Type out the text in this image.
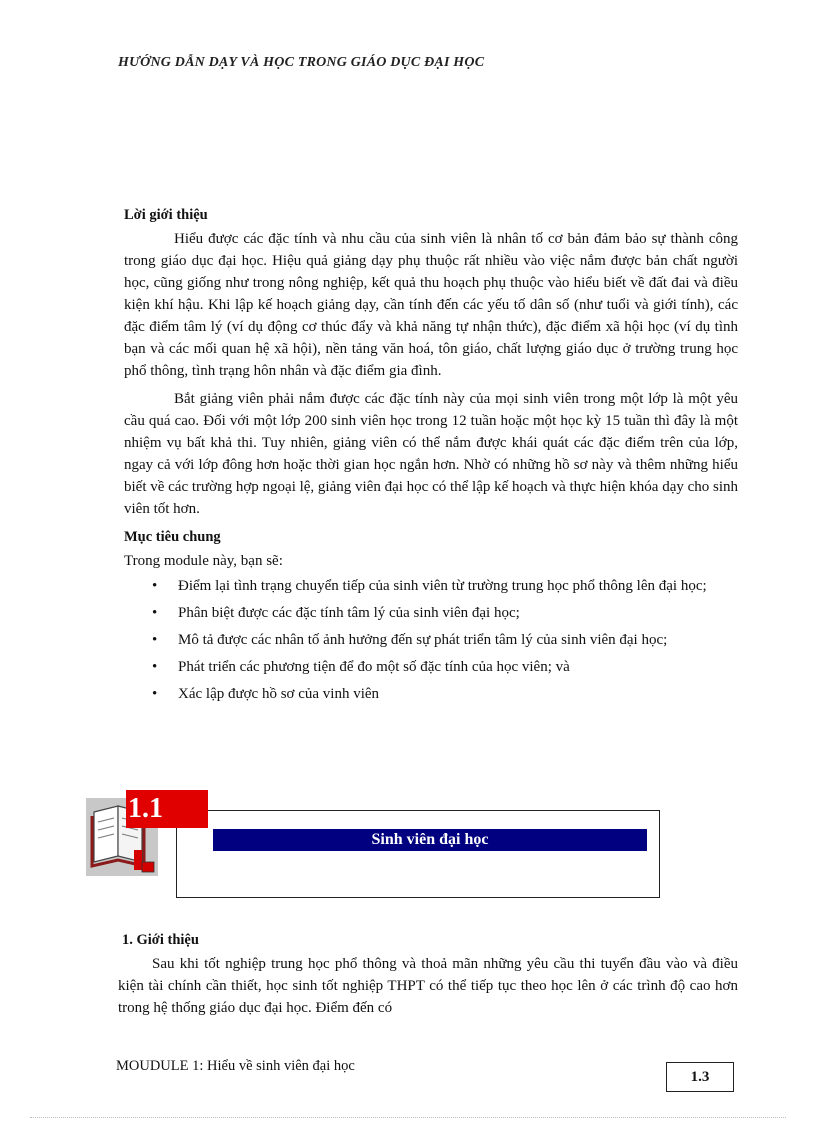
HƯỚNG DẪN DẠY VÀ HỌC TRONG GIÁO DỤC ĐẠI HỌC

Lời giới thiệu

Hiểu được các đặc tính và nhu cầu của sinh viên là nhân tố cơ bản đảm bảo sự thành công trong giáo dục đại học. Hiệu quả giảng dạy phụ thuộc rất nhiều vào việc nắm được bản chất người học, cũng giống như trong nông nghiệp, kết quả thu hoạch phụ thuộc vào hiểu biết về đất đai và điều kiện khí hậu. Khi lập kế hoạch giảng dạy, cần tính đến các yếu tố dân số (như tuổi và giới tính), các đặc điểm tâm lý (ví dụ động cơ thúc đẩy và khả năng tự nhận thức), đặc điểm xã hội học (ví dụ tình bạn và các mối quan hệ xã hội), nền tảng văn hoá, tôn giáo, chất lượng giáo dục ở trường trung học phổ thông, tình trạng hôn nhân và đặc điểm gia đình.

Bắt giảng viên phải nắm được các đặc tính này của mọi sinh viên trong một lớp là một yêu cầu quá cao. Đối với một lớp 200 sinh viên học trong 12 tuần hoặc một học kỳ 15 tuần thì đây là một nhiệm vụ bất khả thi. Tuy nhiên, giảng viên có thể nắm được khái quát các đặc điểm trên của lớp, ngay cả với lớp đông hơn hoặc thời gian học ngắn hơn. Nhờ có những hồ sơ này và thêm những hiểu biết về các trường hợp ngoại lệ, giảng viên đại học có thể lập kế hoạch và thực hiện khóa dạy cho sinh viên tốt hơn.

Mục tiêu chung

Trong module này, bạn sẽ:

• Điểm lại tình trạng chuyển tiếp của sinh viên từ trường trung học phổ thông lên đại học;
• Phân biệt được các đặc tính tâm lý của sinh viên đại học;
• Mô tả được các nhân tố ảnh hưởng đến sự phát triển tâm lý của sinh viên đại học;
• Phát triển các phương tiện để đo một số đặc tính của học viên; và
• Xác lập được hồ sơ của vinh viên
Sinh viên đại học
1.1

1. Giới thiệu

Sau khi tốt nghiệp trung học phổ thông và thoả mãn những yêu cầu thi tuyển đầu vào và điều kiện tài chính cần thiết, học sinh tốt nghiệp THPT có thể tiếp tục theo học lên ở các trình độ cao hơn trong hệ thống giáo dục đại học. Điểm đến có

MOUDULE 1: Hiểu về sinh viên đại học
1.3
